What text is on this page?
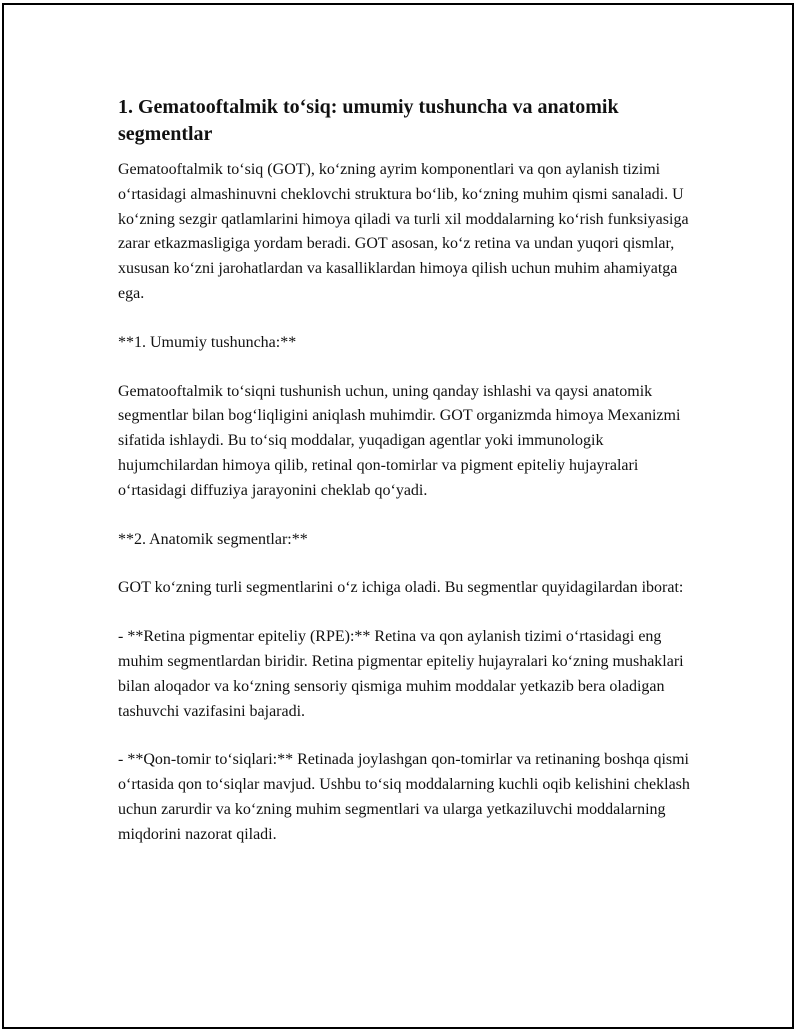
1. Gematooftalmik to‘siq: umumiy tushuncha va anatomik segmentlar

Gematooftalmik to‘siq (GOT), ko‘zning ayrim komponentlari va qon aylanish tizimi o‘rtasidagi almashinuvni cheklovchi struktura bo‘lib, ko‘zning muhim qismi sanaladi. U ko‘zning sezgir qatlamlarini himoya qiladi va turli xil moddalarning ko‘rish funksiyasiga zarar etkazmasligiga yordam beradi. GOT asosan, ko‘z retina va undan yuqori qismlar, xususan ko‘zni jarohatlardan va kasalliklardan himoya qilish uchun muhim ahamiyatga ega.

**1. Umumiy tushuncha:**

Gematooftalmik to‘siqni tushunish uchun, uning qanday ishlashi va qaysi anatomik segmentlar bilan bog‘liqligini aniqlash muhimdir. GOT organizmda himoya Mexanizmi sifatida ishlaydi. Bu to‘siq moddalar, yuqadigan agentlar yoki immunologik hujumchilardan himoya qilib, retinal qon-tomirlar va pigment epiteliy hujayralari o‘rtasidagi diffuziya jarayonini cheklab qo‘yadi.

**2. Anatomik segmentlar:**

GOT ko‘zning turli segmentlarini o‘z ichiga oladi. Bu segmentlar quyidagilardan iborat:

- **Retina pigmentar epiteliy (RPE):** Retina va qon aylanish tizimi o‘rtasidagi eng muhim segmentlardan biridir. Retina pigmentar epiteliy hujayralari ko‘zning mushaklari bilan aloqador va ko‘zning sensoriy qismiga muhim moddalar yetkazib bera oladigan tashuvchi vazifasini bajaradi.

- **Qon-tomir to‘siqlari:** Retinada joylashgan qon-tomirlar va retinaning boshqa qismi o‘rtasida qon to‘siqlar mavjud. Ushbu to‘siq moddalarning kuchli oqib kelishini cheklash uchun zarurdir va ko‘zning muhim segmentlari va ularga yetkaziluvchi moddalarning miqdorini nazorat qiladi.
